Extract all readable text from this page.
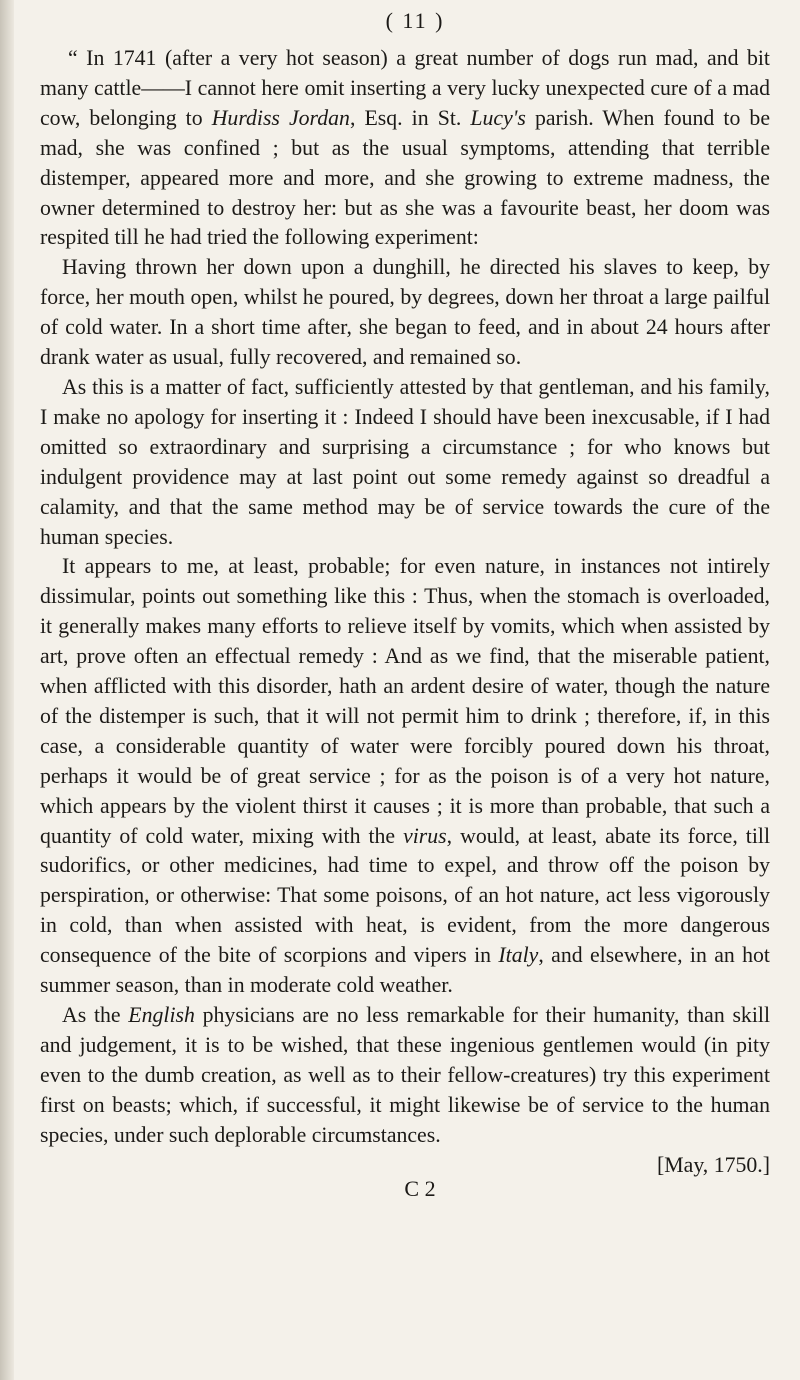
( 11 )

“ In 1741 (after a very hot season) a great number of dogs run mad, and bit many cattle——I cannot here omit inserting a very lucky unexpected cure of a mad cow, belonging to Hurdiss Jordan, Esq. in St. Lucy's parish. When found to be mad, she was confined ; but as the usual symptoms, attending that terrible distemper, appeared more and more, and she growing to extreme madness, the owner determined to destroy her: but as she was a favourite beast, her doom was respited till he had tried the following experiment:

Having thrown her down upon a dunghill, he directed his slaves to keep, by force, her mouth open, whilst he poured, by degrees, down her throat a large pailful of cold water. In a short time after, she began to feed, and in about 24 hours after drank water as usual, fully recovered, and remained so.

As this is a matter of fact, sufficiently attested by that gentleman, and his family, I make no apology for inserting it : Indeed I should have been inexcusable, if I had omitted so extraordinary and surprising a circumstance ; for who knows but indulgent providence may at last point out some remedy against so dreadful a calamity, and that the same method may be of service towards the cure of the human species.

It appears to me, at least, probable; for even nature, in instances not intirely dissimular, points out something like this : Thus, when the stomach is overloaded, it generally makes many efforts to relieve itself by vomits, which when assisted by art, prove often an effectual remedy : And as we find, that the miserable patient, when afflicted with this disorder, hath an ardent desire of water, though the nature of the distemper is such, that it will not permit him to drink ; therefore, if, in this case, a considerable quantity of water were forcibly poured down his throat, perhaps it would be of great service ; for as the poison is of a very hot nature, which appears by the violent thirst it causes ; it is more than probable, that such a quantity of cold water, mixing with the virus, would, at least, abate its force, till sudorifics, or other medicines, had time to expel, and throw off the poison by perspiration, or otherwise: That some poisons, of an hot nature, act less vigorously in cold, than when assisted with heat, is evident, from the more dangerous consequence of the bite of scorpions and vipers in Italy, and elsewhere, in an hot summer season, than in moderate cold weather.

As the English physicians are no less remarkable for their humanity, than skill and judgement, it is to be wished, that these ingenious gentlemen would (in pity even to the dumb creation, as well as to their fellow-creatures) try this experiment first on beasts; which, if successful, it might likewise be of service to the human species, under such deplorable circumstances.

[May, 1750.]
C 2
